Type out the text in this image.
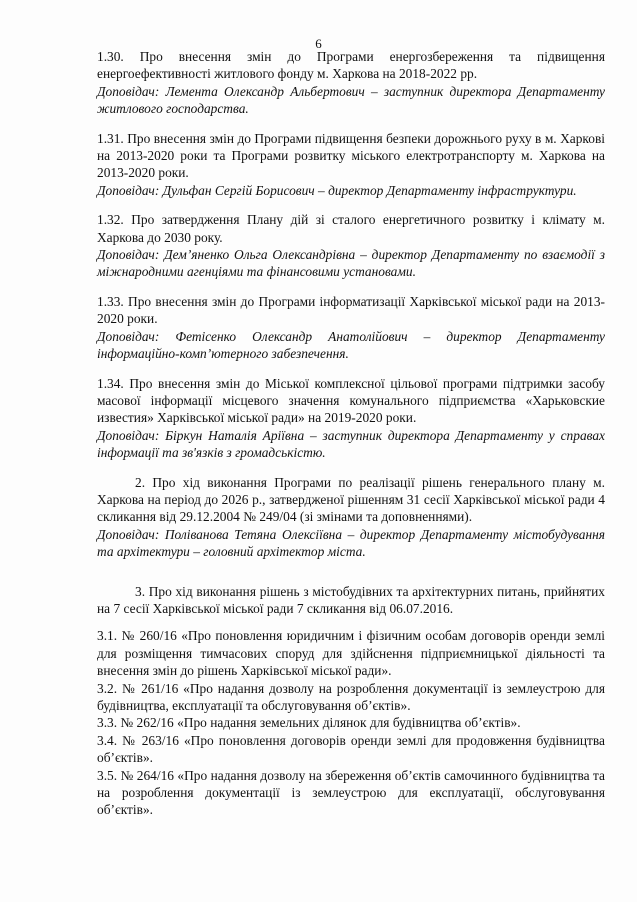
6

1.30. Про внесення змін до Програми енергозбереження та підвищення енергоефективності житлового фонду м. Харкова на 2018-2022 рр.

Доповідач: Лемента Олександр Альбертович – заступник директора Департаменту житлового господарства.

1.31. Про внесення змін до Програми підвищення безпеки дорожнього руху в м. Харкові на 2013-2020 роки та Програми розвитку міського електротранспорту м. Харкова на 2013-2020 роки.

Доповідач: Дульфан Сергій Борисович – директор Департаменту інфраструктури.

1.32. Про затвердження Плану дій зі сталого енергетичного розвитку і клімату м. Харкова до 2030 року.

Доповідач: Дем’яненко Ольга Олександрівна – директор Департаменту по взаємодії з міжнародними агенціями та фінансовими установами.

1.33. Про внесення змін до Програми інформатизації Харківської міської ради на 2013-2020 роки.

Доповідач: Фетісенко Олександр Анатолійович – директор Департаменту інформаційно-комп’ютерного забезпечення.

1.34. Про внесення змін до Міської комплексної цільової програми підтримки засобу масової інформації місцевого значення комунального підприємства «Харьковские известия» Харківської міської ради» на 2019-2020 роки.

Доповідач: Біркун Наталія Аріївна – заступник директора Департаменту у справах інформації та зв'язків з громадськістю.

2. Про хід виконання Програми по реалізації рішень генерального плану м. Харкова на період до 2026 р., затвердженої рішенням 31 сесії Харківської міської ради 4 скликання від 29.12.2004 № 249/04 (зі змінами та доповненнями).

Доповідач: Поліванова Тетяна Олексіївна – директор Департаменту містобудування та архітектури – головний архітектор міста.

3. Про хід виконання рішень з містобудівних та архітектурних питань, прийнятих на 7 сесії Харківської міської ради 7 скликання від 06.07.2016.

3.1. № 260/16 «Про поновлення юридичним і фізичним особам договорів оренди землі для розміщення тимчасових споруд для здійснення підприємницької діяльності та внесення змін до рішень Харківської міської ради».

3.2. № 261/16 «Про надання дозволу на розроблення документації із землеустрою для будівництва, експлуатації та обслуговування об’єктів».

3.3. № 262/16 «Про надання земельних ділянок для будівництва об’єктів».

3.4. № 263/16 «Про поновлення договорів оренди землі для продовження будівництва об’єктів».

3.5. № 264/16 «Про надання дозволу на збереження об’єктів самочинного будівництва та на розроблення документації із землеустрою для експлуатації, обслуговування об’єктів».
